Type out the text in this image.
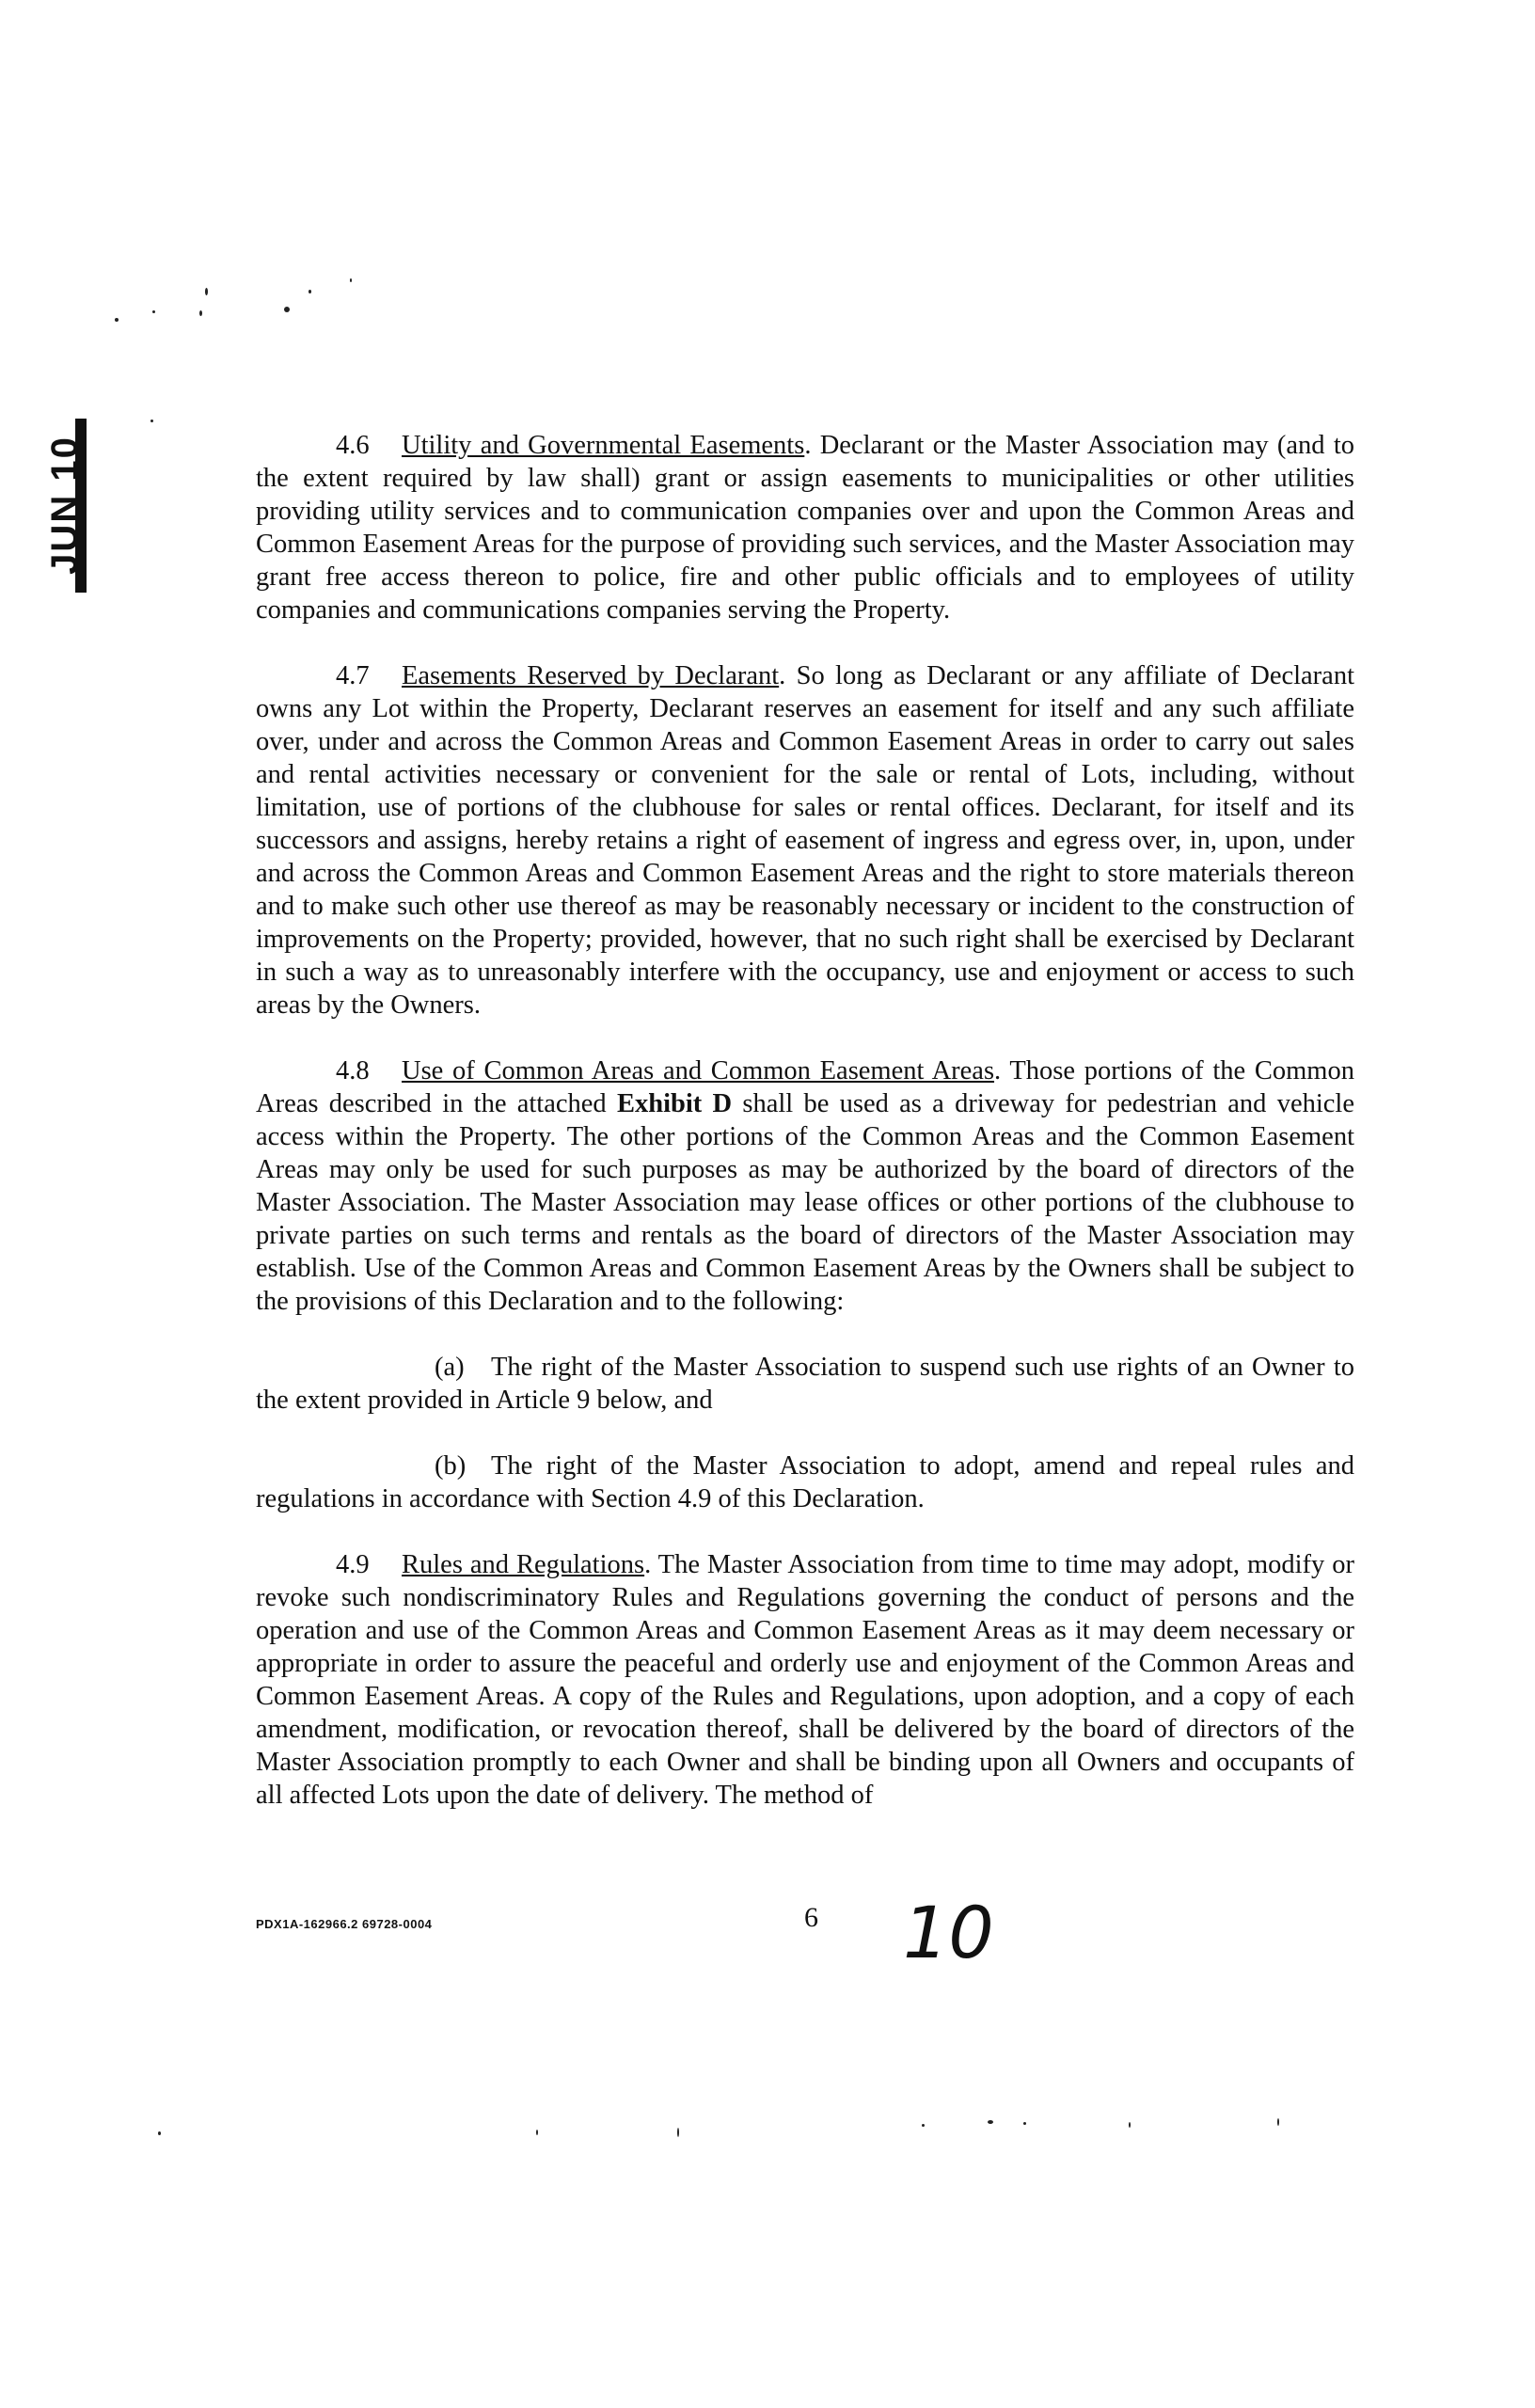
JUN 10	4.6 Utility and Governmental Easements. Declarant or the Master Association may (and to the extent required by law shall) grant or assign easements to municipalities or other utilities providing utility services and to communication companies over and upon the Common Areas and Common Easement Areas for the purpose of providing such services, and the Master Association may grant free access thereon to police, fire and other public officials and to employees of utility companies and communications companies serving the Property.

4.7 Easements Reserved by Declarant. So long as Declarant or any affiliate of Declarant owns any Lot within the Property, Declarant reserves an easement for itself and any such affiliate over, under and across the Common Areas and Common Easement Areas in order to carry out sales and rental activities necessary or convenient for the sale or rental of Lots, including, without limitation, use of portions of the clubhouse for sales or rental offices. Declarant, for itself and its successors and assigns, hereby retains a right of easement of ingress and egress over, in, upon, under and across the Common Areas and Common Easement Areas and the right to store materials thereon and to make such other use thereof as may be reasonably necessary or incident to the construction of improvements on the Property; provided, however, that no such right shall be exercised by Declarant in such a way as to unreasonably interfere with the occupancy, use and enjoyment or access to such areas by the Owners.

4.8 Use of Common Areas and Common Easement Areas. Those portions of the Common Areas described in the attached Exhibit D shall be used as a driveway for pedestrian and vehicle access within the Property. The other portions of the Common Areas and the Common Easement Areas may only be used for such purposes as may be authorized by the board of directors of the Master Association. The Master Association may lease offices or other portions of the clubhouse to private parties on such terms and rentals as the board of directors of the Master Association may establish. Use of the Common Areas and Common Easement Areas by the Owners shall be subject to the provisions of this Declaration and to the following:

(a) The right of the Master Association to suspend such use rights of an Owner to the extent provided in Article 9 below, and

(b) The right of the Master Association to adopt, amend and repeal rules and regulations in accordance with Section 4.9 of this Declaration.

4.9 Rules and Regulations. The Master Association from time to time may adopt, modify or revoke such nondiscriminatory Rules and Regulations governing the conduct of persons and the operation and use of the Common Areas and Common Easement Areas as it may deem necessary or appropriate in order to assure the peaceful and orderly use and enjoyment of the Common Areas and Common Easement Areas. A copy of the Rules and Regulations, upon adoption, and a copy of each amendment, modification, or revocation thereof, shall be delivered by the board of directors of the Master Association promptly to each Owner and shall be binding upon all Owners and occupants of all affected Lots upon the date of delivery. The method of

PDX1A-162966.2 69728-0004	6 10
